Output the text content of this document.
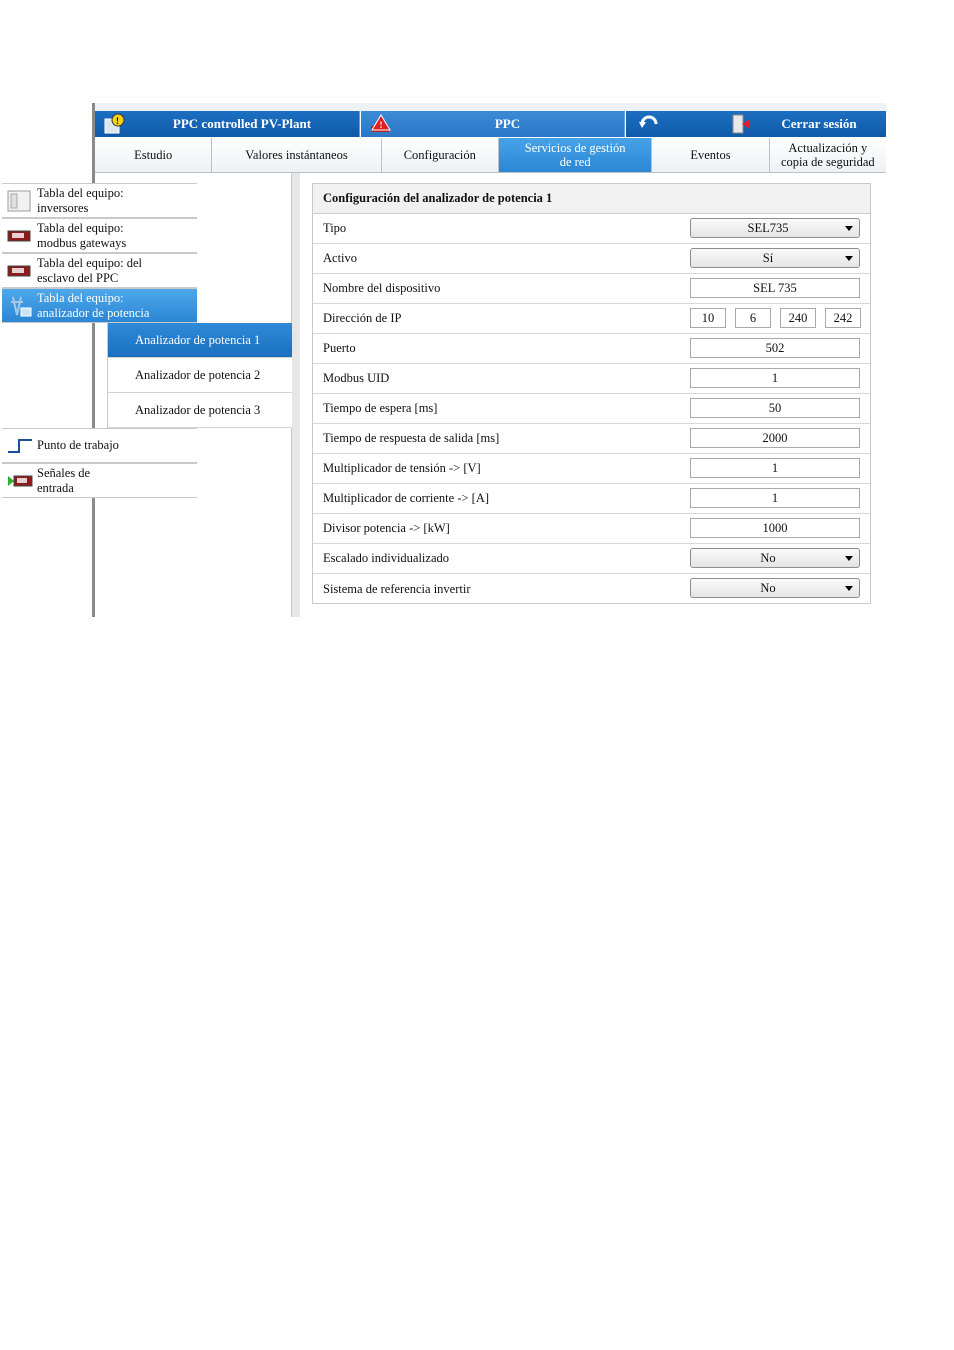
!	PPC controlled PV-Plant	!	PPC	Cerrar sesión
Estudio	Valores instántaneos	Configuración	Servicios de gestión de red	Eventos	Actualización y copia de seguridad
Tabla del equipo: inversores
Tabla del equipo: modbus gateways
Tabla del equipo: del esclavo del PPC
Tabla del equipo: analizador de potencia
Analizador de potencia 1
Analizador de potencia 2
Analizador de potencia 3
Punto de trabajo
Señales de entrada
Configuración del analizador de potencia 1
Tipo	SEL735
Activo	Sí
Nombre del dispositivo	SEL 735
Dirección de IP	10	6	240	242
Puerto	502
Modbus UID	1
Tiempo de espera [ms]	50
Tiempo de respuesta de salida [ms]	2000
Multiplicador de tensión -> [V]	1
Multiplicador de corriente -> [A]	1
Divisor potencia -> [kW]	1000
Escalado individualizado	No
Sistema de referencia invertir	No
